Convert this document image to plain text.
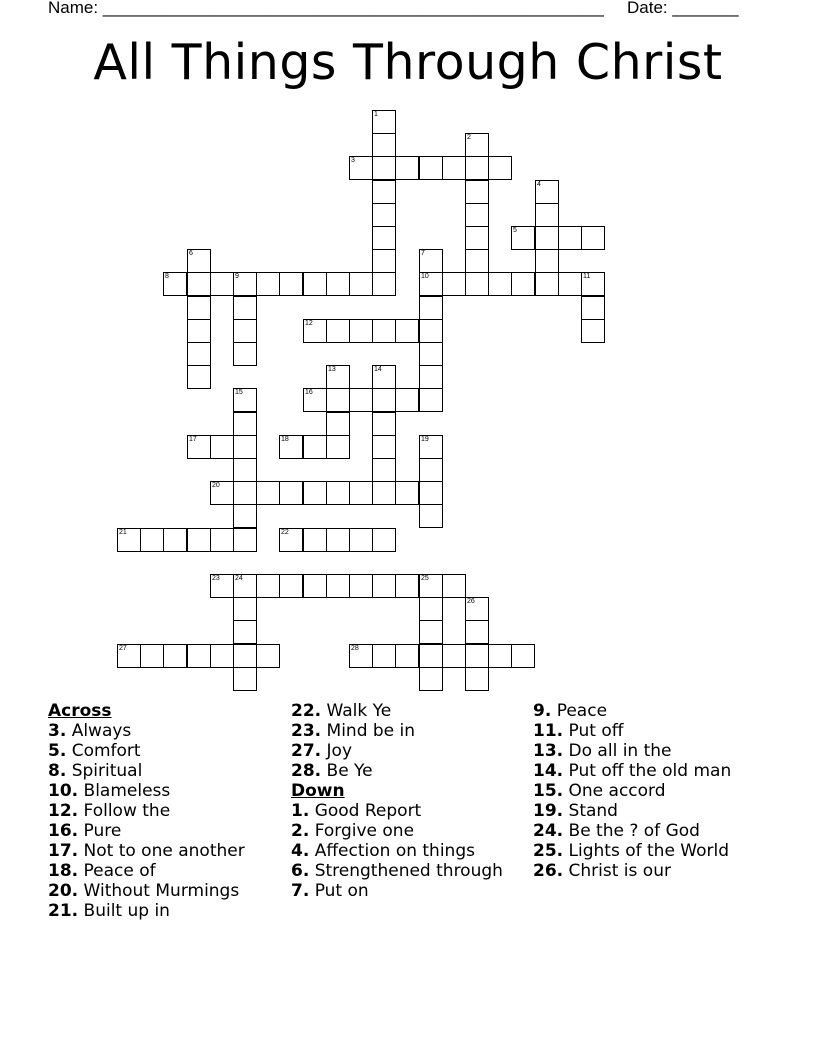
Name: _____________________________________________________ Date: _______
All Things Through Christ
1
2
3
4
5
6	7
8	9	10	11
12
13	14
15	16
17	18	19
20
21	22
23 24	25
26
27	28
Across
3. Always
5. Comfort
8. Spiritual
10. Blameless
12. Follow the
16. Pure
17. Not to one another
18. Peace of
20. Without Murmings
21. Built up in
22. Walk Ye
23. Mind be in
27. Joy
28. Be Ye
Down
1. Good Report
2. Forgive one
4. Affection on things
6. Strengthened through
7. Put on
9. Peace
11. Put off
13. Do all in the
14. Put off the old man
15. One accord
19. Stand
24. Be the ? of God
25. Lights of the World
26. Christ is our
